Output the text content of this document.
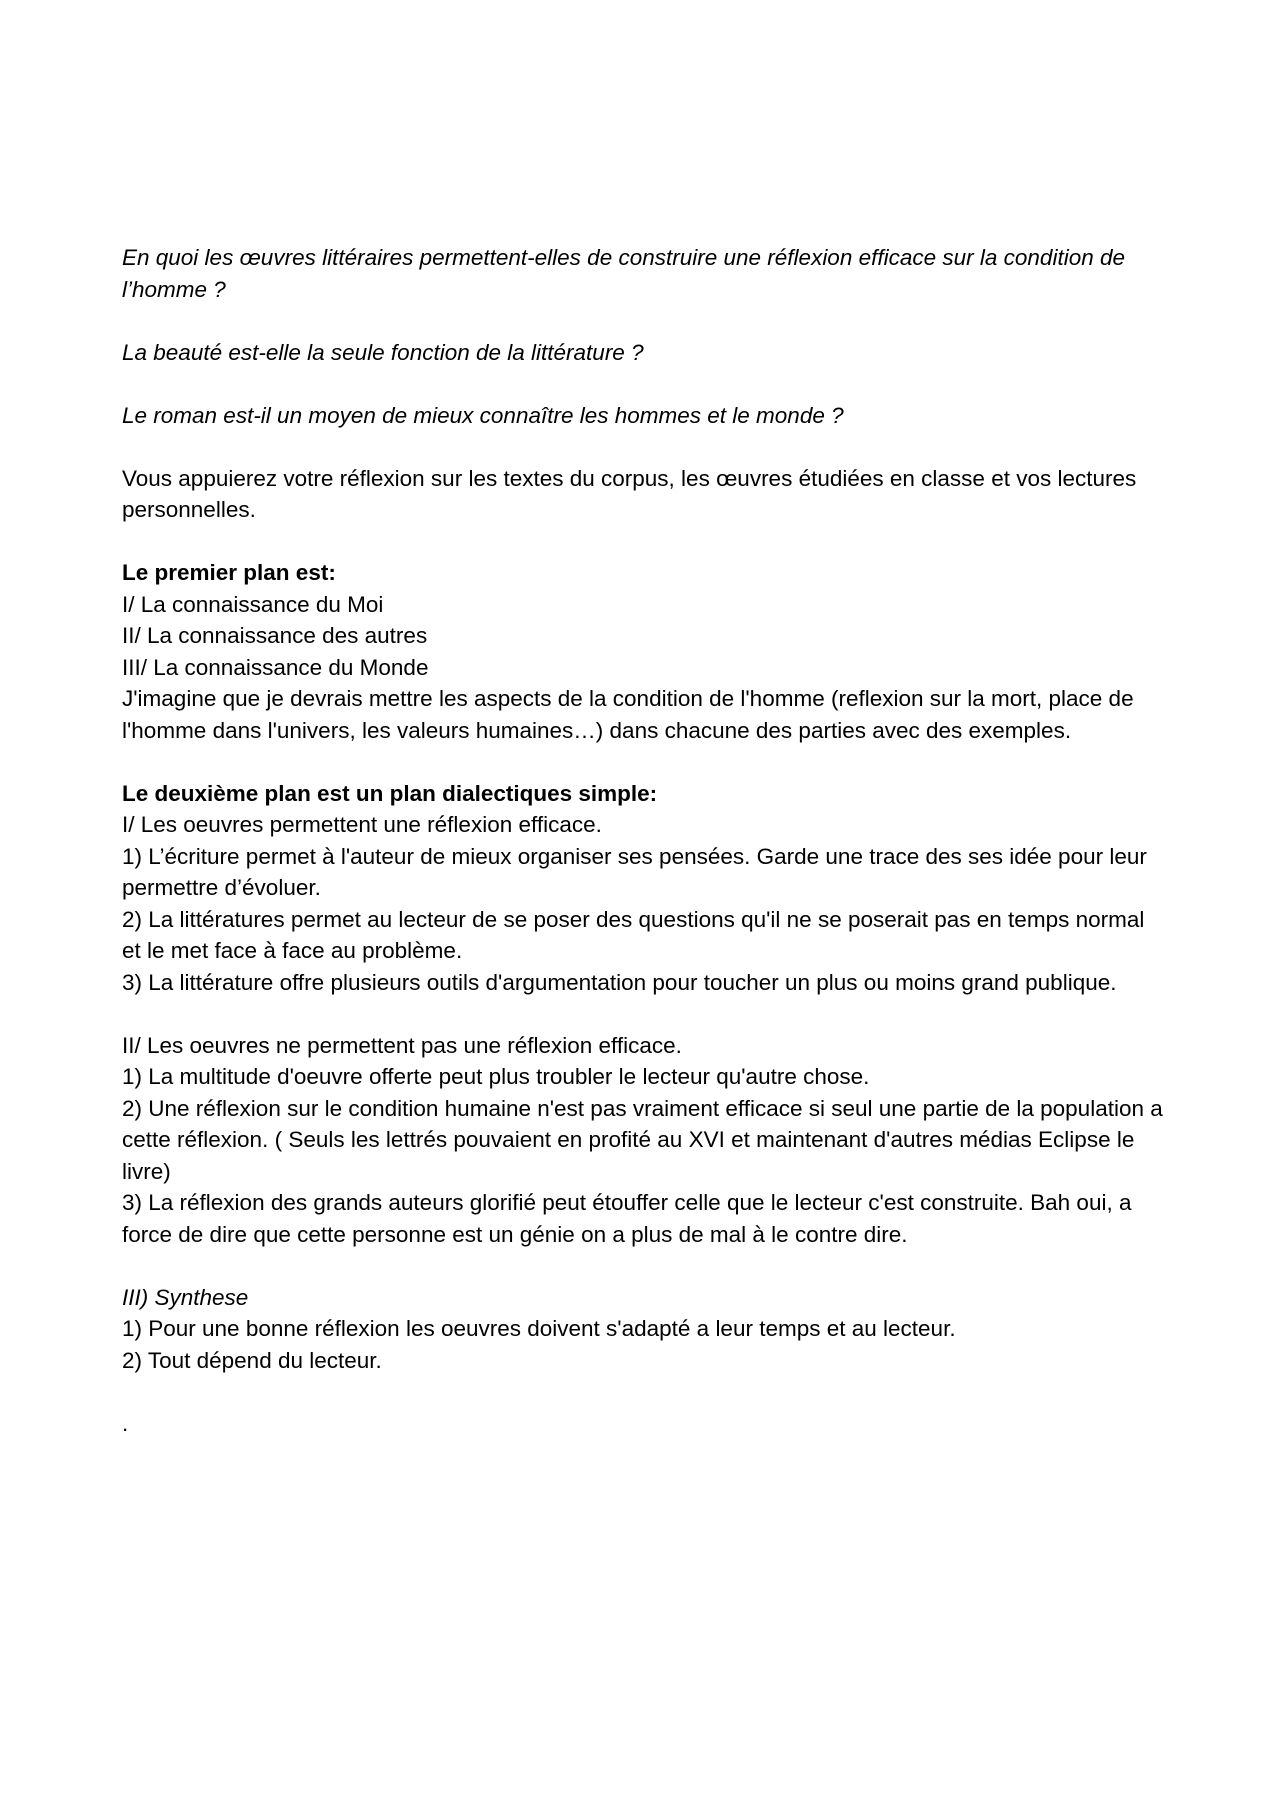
En quoi les œuvres littéraires permettent-elles de construire une réflexion efficace sur la condition de l’homme ?
La beauté est-elle la seule fonction de la littérature ?
Le roman est-il un moyen de mieux connaître les hommes et le monde ?
Vous appuierez votre réflexion sur les textes du corpus, les œuvres étudiées en classe et vos lectures personnelles.
Le premier plan est:
I/ La connaissance du Moi
II/ La connaissance des autres
III/ La connaissance du Monde
J'imagine que je devrais mettre les aspects de la condition de l'homme (reflexion sur la mort, place de l'homme dans l'univers, les valeurs humaines…) dans chacune des parties avec des exemples.
Le deuxième plan est un plan dialectiques simple:
I/ Les oeuvres permettent une réflexion efficace.
1) L’écriture permet à l'auteur de mieux organiser ses pensées. Garde une trace des ses idée pour leur permettre d’évoluer.
2) La littératures permet au lecteur de se poser des questions qu'il ne se poserait pas en temps normal et le met face à face au problème.
3) La littérature offre plusieurs outils d'argumentation pour toucher un plus ou moins grand publique.
II/ Les oeuvres ne permettent pas une réflexion efficace.
1) La multitude d'oeuvre offerte peut plus troubler le lecteur qu'autre chose.
2) Une réflexion sur le condition humaine n'est pas vraiment efficace si seul une partie de la population a cette réflexion. ( Seuls les lettrés pouvaient en profité au XVI et maintenant d'autres médias Eclipse le livre)
3) La réflexion des grands auteurs glorifié peut étouffer celle que le lecteur c'est construite. Bah oui, a force de dire que cette personne est un génie on a plus de mal à le contre dire.
III) Synthese
1) Pour une bonne réflexion les oeuvres doivent s'adapté a leur temps et au lecteur.
2) Tout dépend du lecteur.
.
